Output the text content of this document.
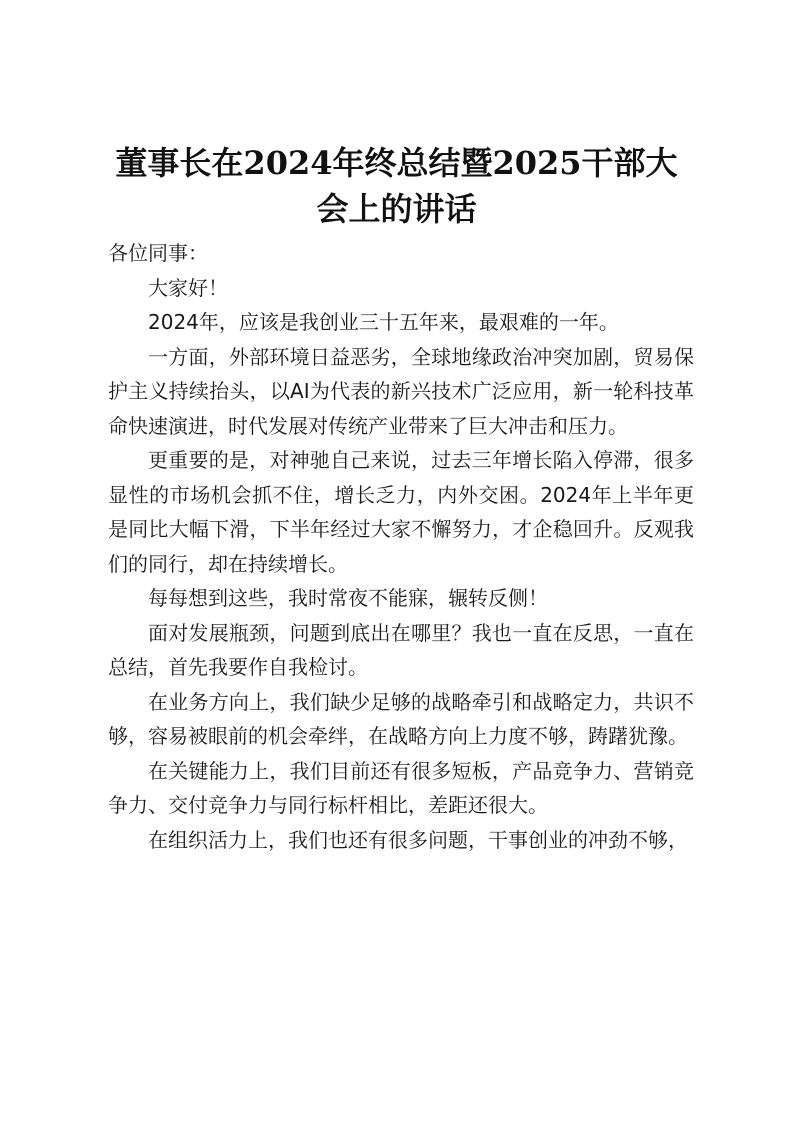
董事长在2024年终总结暨2025干部大会上的讲话

各位同事：

大家好！

2024年，应该是我创业三十五年来，最艰难的一年。

一方面，外部环境日益恶劣，全球地缘政治冲突加剧，贸易保护主义持续抬头，以AI为代表的新兴技术广泛应用，新一轮科技革命快速演进，时代发展对传统产业带来了巨大冲击和压力。

更重要的是，对神驰自己来说，过去三年增长陷入停滞，很多显性的市场机会抓不住，增长乏力，内外交困。2024年上半年更是同比大幅下滑，下半年经过大家不懈努力，才企稳回升。反观我们的同行，却在持续增长。

每每想到这些，我时常夜不能寐，辗转反侧！

面对发展瓶颈，问题到底出在哪里？我也一直在反思，一直在总结，首先我要作自我检讨。

在业务方向上，我们缺少足够的战略牵引和战略定力，共识不够，容易被眼前的机会牵绊，在战略方向上力度不够，踌躇犹豫。

在关键能力上，我们目前还有很多短板，产品竞争力、营销竞争力、交付竞争力与同行标杆相比，差距还很大。

在组织活力上，我们也还有很多问题，干事创业的冲劲不够，
